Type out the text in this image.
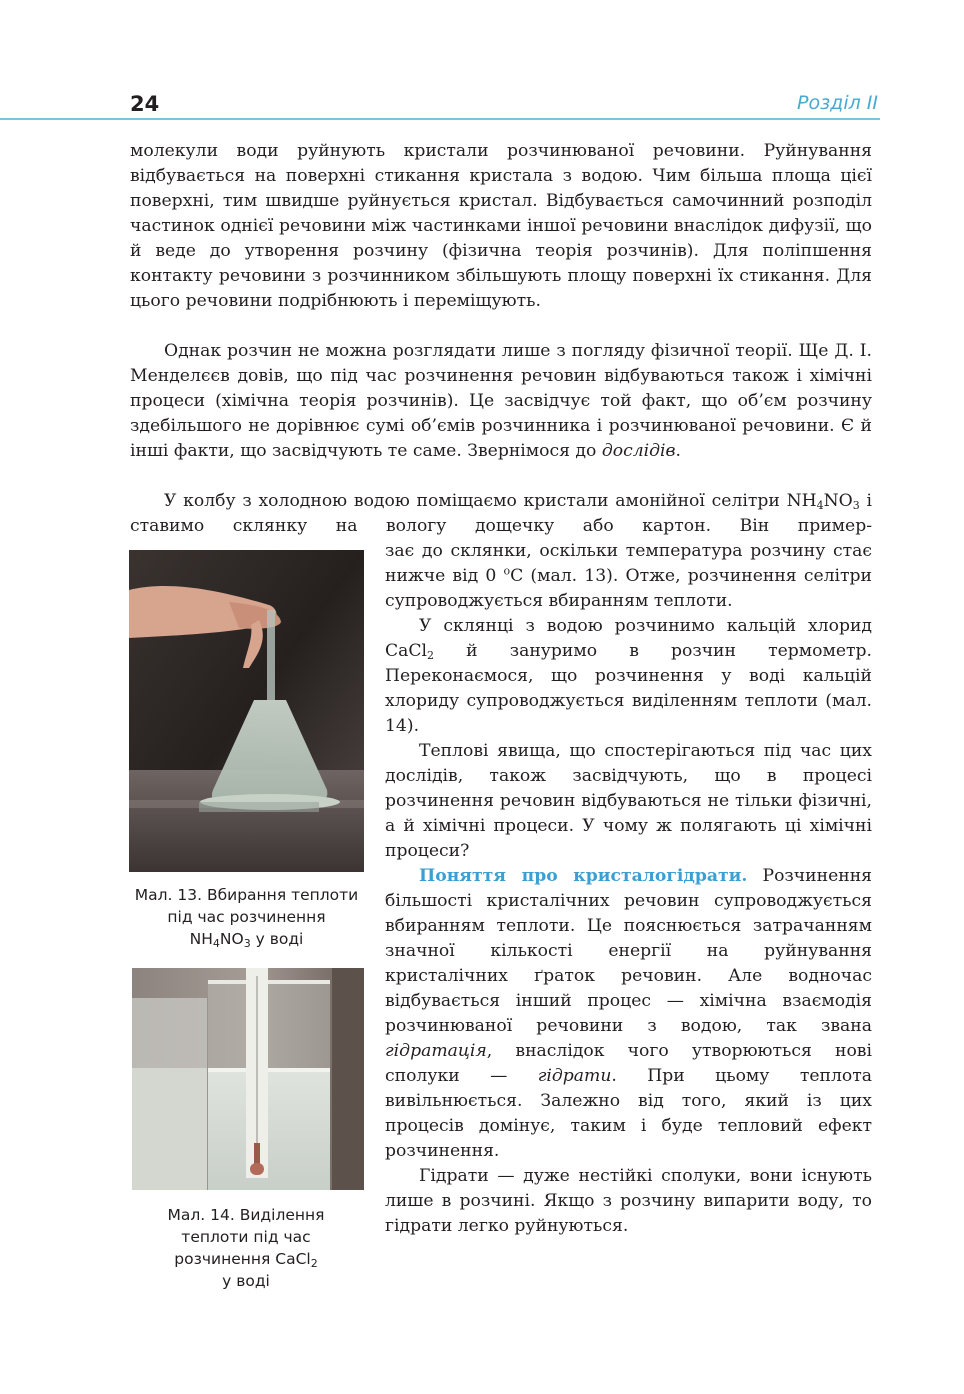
24	Розділ II

молекули води руйнують кристали розчинюваної речовини. Руйнування відбувається на поверхні стикання кристала з водою. Чим більша площа цієї поверхні, тим швидше руйнується кристал. Відбувається самочинний розподіл частинок однієї речовини між частинками іншої речовини внаслідок дифузії, що й веде до утворення розчину (фізична теорія розчинів). Для поліпшення контакту речовини з розчинником збільшують площу поверхні їх стикання. Для цього речовини подрібнюють і переміщують.

Однак розчин не можна розглядати лише з погляду фізичної теорії. Ще Д. І. Менделєєв довів, що під час розчинення речовин відбуваються також і хімічні процеси (хімічна теорія розчинів). Це засвідчує той факт, що об’єм розчину здебільшого не дорівнює сумі об’ємів розчинника і розчинюваної речовини. Є й інші факти, що засвідчують те саме. Звернімося до дослідів.

У колбу з холодною водою поміщаємо кристали амонійної селітри $NH_4NO_3$ і ставимо склянку на вологу дощечку або картон. Він пример-

зає до склянки, оскільки температура розчину стає нижче від 0 $^o$С (мал. 13). Отже, розчинення селітри супроводжується вбиранням теплоти.

У склянці з водою розчинимо кальцій хлорид CaCl$_2$ й зануримо в розчин термометр. Переконаємося, що розчинення у воді кальцій хлориду супроводжується виділенням теплоти (мал. 14).

Теплові явища, що спостерігаються під час цих дослідів, також засвідчують, що в процесі розчинення речовин відбуваються не тільки фізичні, а й хімічні процеси. У чому ж полягають ці хімічні процеси?

Поняття про кристалогідрати. Розчинення більшості кристалічних речовин супроводжується вбиранням теплоти. Це пояснюється затрачанням значної кількості енергії на руйнування кристалічних ґраток речовин. Але водночас відбувається інший процес — хімічна взаємодія розчинюваної речовини з водою, так звана гідратація, внаслідок чого утворюються нові сполуки — гідрати. При цьому теплота вивільнюється. Залежно від того, який із цих процесів домінує, таким і буде тепловий ефект розчинення.

Гідрати — дуже нестійкі сполуки, вони існують лише в розчині. Якщо з розчину випарити воду, то гідрати легко руйнуються.

Мал. 13. Вбирання теплоти
під час розчинення
$NH_4NO_3$ у воді
Мал. 14. Виділення
теплоти під час
розчинення CaCl$_2$
у воді
